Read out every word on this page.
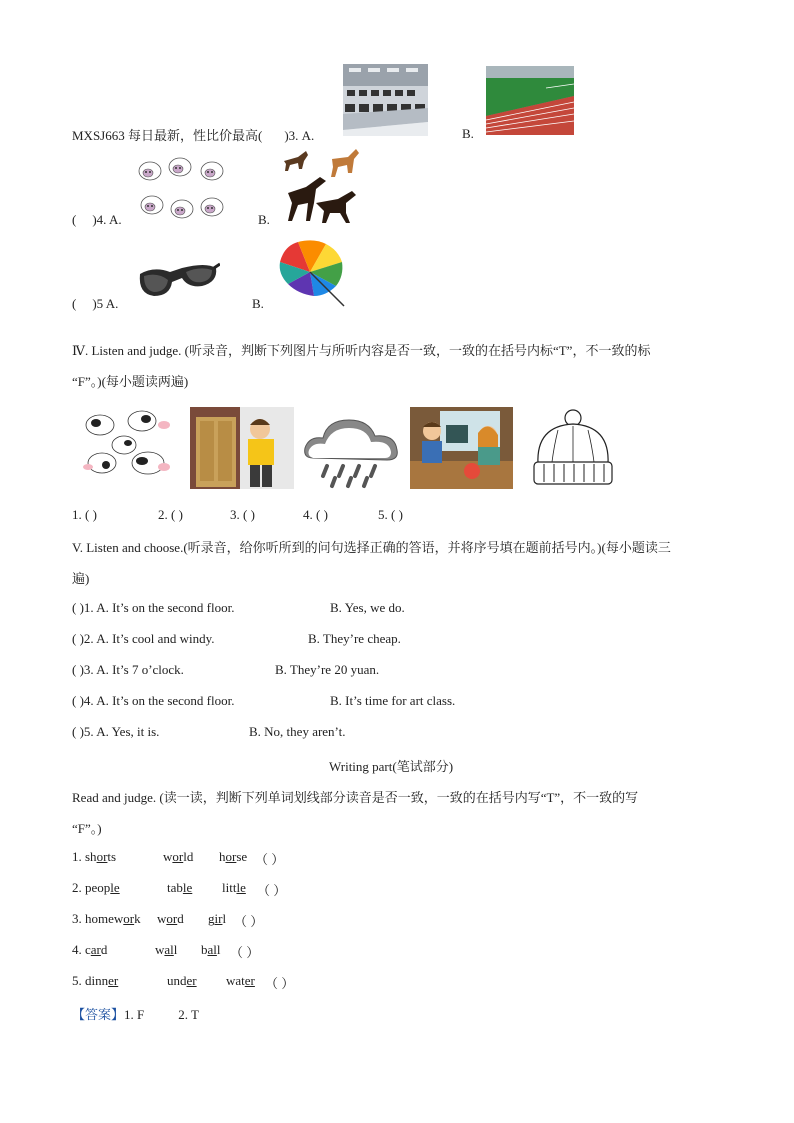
MXSJ663 每日最新，性比价最高( )3. A.	B.
( )4. A.	B.
( )5 A.	B.
Ⅳ. Listen and judge. (听录音，判断下列图片与所听内容是否一致，一致的在括号内标“T”，不一致的标
“F”。)(每小题读两遍)
1. ( )	2. ( )	3. ( )	4. ( )	5. ( )
V. Listen and choose.(听录音，给你听所到的问句选择正确的答语，并将序号填在题前括号内。)(每小题读三
遍)
( )1. A. It’s on the second floor.	B. Yes, we do.
( )2. A. It’s cool and windy.	B. They’re cheap.
( )3. A. It’s 7 o’clock.	B. They’re 20 yuan.
( )4. A. It’s on the second floor.	B. It’s time for art class.
( )5. A. Yes, it is.	B. No, they aren’t.
Writing part(笔试部分)
Read and judge. (读一读，判断下列单词划线部分读音是否一致，一致的在括号内写“T”，不一致的写
“F”。)
1. shorts	world horse （ ）
2. people	table little （ ）
3. homework word girl （ ）
4. card	wall ball （ ）
5. dinner	under water （ ）
【答案】1. F	2. T
